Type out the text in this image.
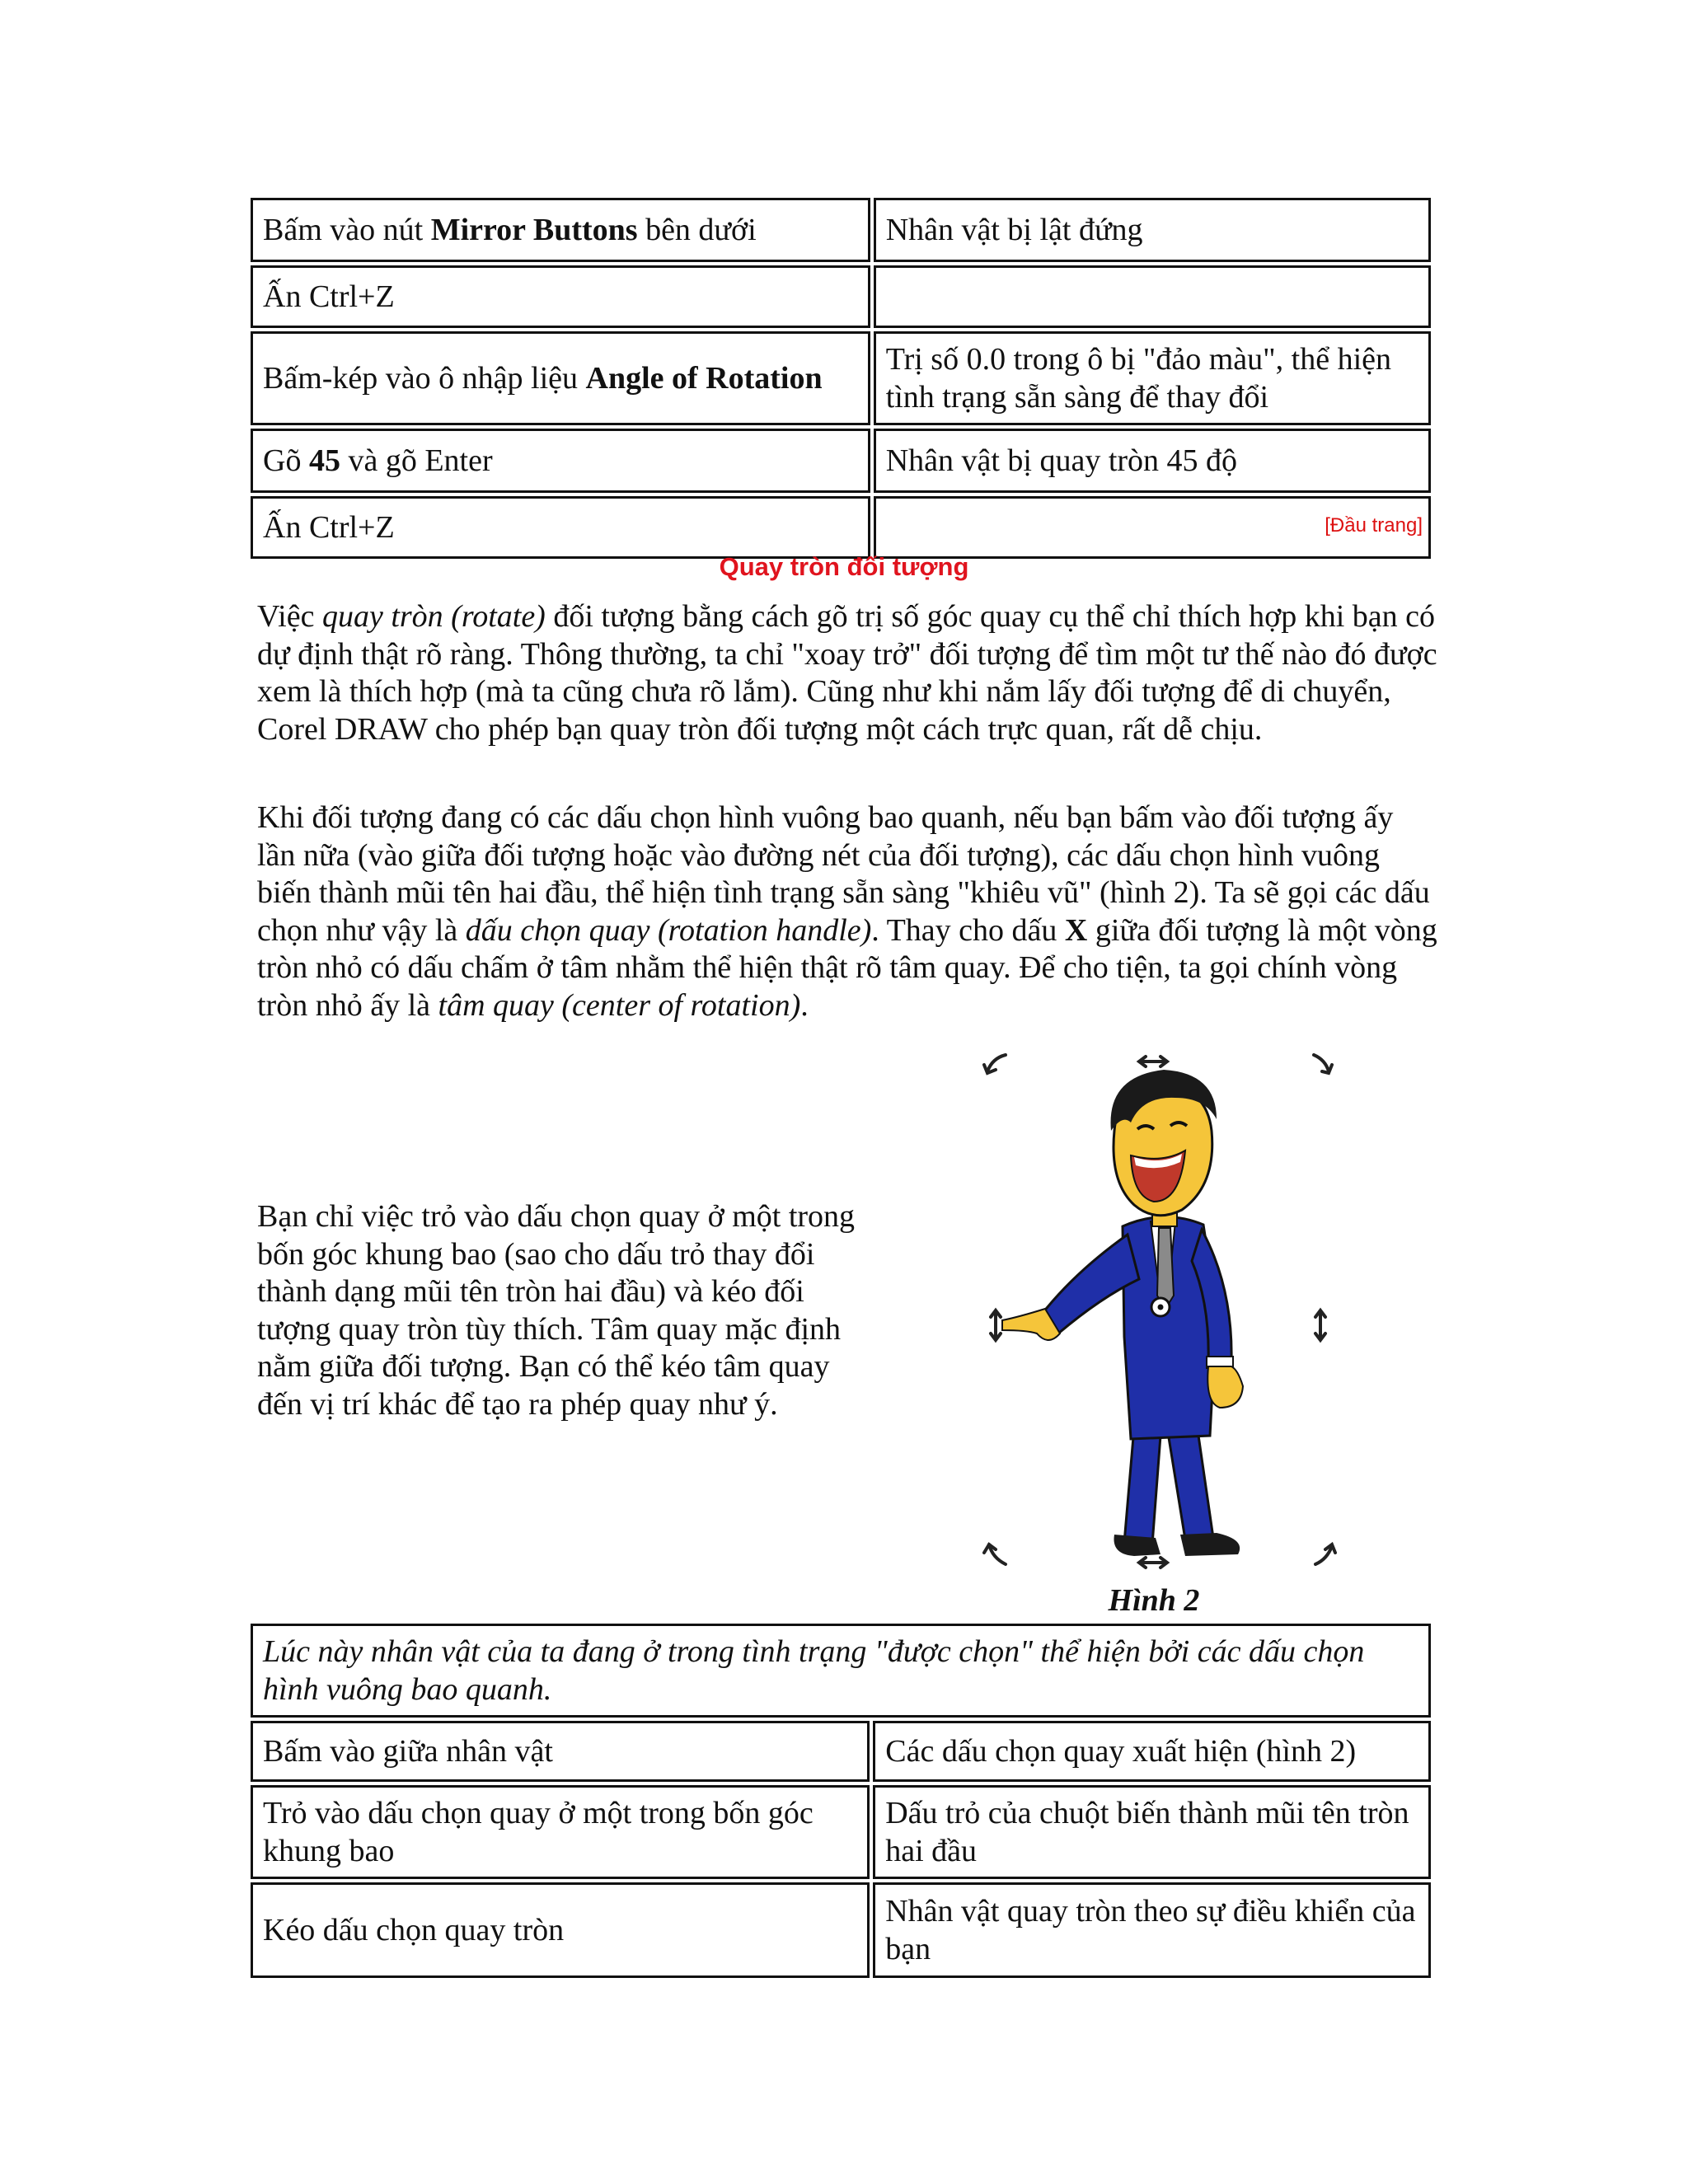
Bấm vào nút Mirror Buttons bên dưới	Nhân vật bị lật đứng
Ấn Ctrl+Z	
Bấm-kép vào ô nhập liệu Angle of Rotation	Trị số 0.0 trong ô bị "đảo màu", thể hiện tình trạng sẵn sàng để thay đổi
Gõ 45 và gõ Enter	Nhân vật bị quay tròn 45 độ
Ấn Ctrl+Z		[Đầu trang]
Quay tròn đối tượng

Việc quay tròn (rotate) đối tượng bằng cách gõ trị số góc quay cụ thể chỉ thích hợp khi bạn có dự định thật rõ ràng. Thông thường, ta chỉ "xoay trở" đối tượng để tìm một tư thế nào đó được xem là thích hợp (mà ta cũng chưa rõ lắm). Cũng như khi nắm lấy đối tượng để di chuyển, Corel DRAW cho phép bạn quay tròn đối tượng một cách trực quan, rất dễ chịu.

Khi đối tượng đang có các dấu chọn hình vuông bao quanh, nếu bạn bấm vào đối tượng ấy lần nữa (vào giữa đối tượng hoặc vào đường nét của đối tượng), các dấu chọn hình vuông biến thành mũi tên hai đầu, thể hiện tình trạng sẵn sàng "khiêu vũ" (hình 2). Ta sẽ gọi các dấu chọn như vậy là dấu chọn quay (rotation handle). Thay cho dấu X giữa đối tượng là một vòng tròn nhỏ có dấu chấm ở tâm nhằm thể hiện thật rõ tâm quay. Để cho tiện, ta gọi chính vòng tròn nhỏ ấy là tâm quay (center of rotation).

Bạn chỉ việc trỏ vào dấu chọn quay ở một trong bốn góc khung bao (sao cho dấu trỏ thay đổi thành dạng mũi tên tròn hai đầu) và kéo đối tượng quay tròn tùy thích. Tâm quay mặc định nằm giữa đối tượng. Bạn có thể kéo tâm quay đến vị trí khác để tạo ra phép quay như ý.

Hình 2
Lúc này nhân vật của ta đang ở trong tình trạng "được chọn" thể hiện bởi các dấu chọn hình vuông bao quanh.	
Bấm vào giữa nhân vật	Các dấu chọn quay xuất hiện (hình 2)
Trỏ vào dấu chọn quay ở một trong bốn góc khung bao	Dấu trỏ của chuột biến thành mũi tên tròn hai đầu
Kéo dấu chọn quay tròn	Nhân vật quay tròn theo sự điều khiển của bạn
